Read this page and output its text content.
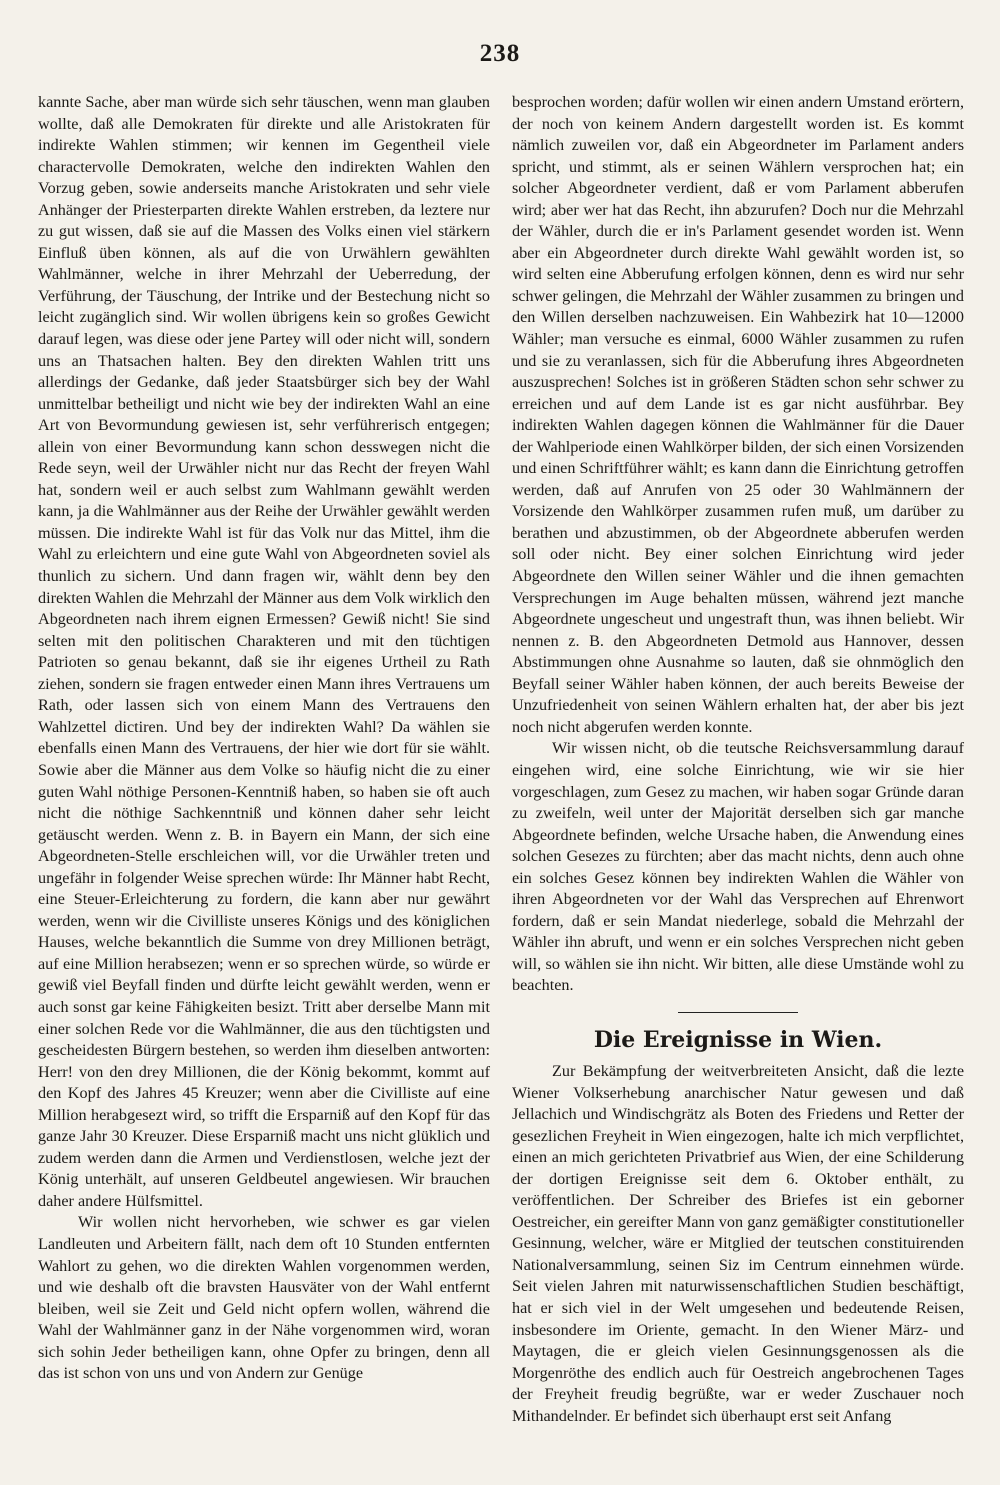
238

kannte Sache, aber man würde sich sehr täuschen, wenn man glauben wollte, daß alle Demokraten für direkte und alle Aristokraten für indirekte Wahlen stimmen; wir kennen im Gegentheil viele charactervolle Demokraten, welche den indirekten Wahlen den Vorzug geben, sowie anderseits manche Aristokraten und sehr viele Anhänger der Priesterparten direkte Wahlen erstreben, da leztere nur zu gut wissen, daß sie auf die Massen des Volks einen viel stärkern Einfluß üben können, als auf die von Urwählern gewählten Wahlmänner, welche in ihrer Mehrzahl der Ueberredung, der Verführung, der Täuschung, der Intrike und der Bestechung nicht so leicht zugänglich sind. Wir wollen übrigens kein so großes Gewicht darauf legen, was diese oder jene Partey will oder nicht will, sondern uns an Thatsachen halten. Bey den direkten Wahlen tritt uns allerdings der Gedanke, daß jeder Staatsbürger sich bey der Wahl unmittelbar betheiligt und nicht wie bey der indirekten Wahl an eine Art von Bevormundung gewiesen ist, sehr verführerisch entgegen; allein von einer Bevormundung kann schon desswegen nicht die Rede seyn, weil der Urwähler nicht nur das Recht der freyen Wahl hat, sondern weil er auch selbst zum Wahlmann gewählt werden kann, ja die Wahlmänner aus der Reihe der Urwähler gewählt werden müssen. Die indirekte Wahl ist für das Volk nur das Mittel, ihm die Wahl zu erleichtern und eine gute Wahl von Abgeordneten soviel als thunlich zu sichern. Und dann fragen wir, wählt denn bey den direkten Wahlen die Mehrzahl der Männer aus dem Volk wirklich den Abgeordneten nach ihrem eignen Ermessen? Gewiß nicht! Sie sind selten mit den politischen Charakteren und mit den tüchtigen Patrioten so genau bekannt, daß sie ihr eigenes Urtheil zu Rath ziehen, sondern sie fragen entweder einen Mann ihres Vertrauens um Rath, oder lassen sich von einem Mann des Vertrauens den Wahlzettel dictiren. Und bey der indirekten Wahl? Da wählen sie ebenfalls einen Mann des Vertrauens, der hier wie dort für sie wählt. Sowie aber die Männer aus dem Volke so häufig nicht die zu einer guten Wahl nöthige Personen-Kenntniß haben, so haben sie oft auch nicht die nöthige Sachkenntniß und können daher sehr leicht getäuscht werden. Wenn z. B. in Bayern ein Mann, der sich eine Abgeordneten-Stelle erschleichen will, vor die Urwähler treten und ungefähr in folgender Weise sprechen würde: Ihr Männer habt Recht, eine Steuer-Erleichterung zu fordern, die kann aber nur gewährt werden, wenn wir die Civilliste unseres Königs und des königlichen Hauses, welche bekanntlich die Summe von drey Millionen beträgt, auf eine Million herabsezen; wenn er so sprechen würde, so würde er gewiß viel Beyfall finden und dürfte leicht gewählt werden, wenn er auch sonst gar keine Fähigkeiten besizt. Tritt aber derselbe Mann mit einer solchen Rede vor die Wahlmänner, die aus den tüchtigsten und gescheidesten Bürgern bestehen, so werden ihm dieselben antworten: Herr! von den drey Millionen, die der König bekommt, kommt auf den Kopf des Jahres 45 Kreuzer; wenn aber die Civilliste auf eine Million herabgesezt wird, so trifft die Ersparniß auf den Kopf für das ganze Jahr 30 Kreuzer. Diese Ersparniß macht uns nicht glüklich und zudem werden dann die Armen und Verdienstlosen, welche jezt der König unterhält, auf unseren Geldbeutel angewiesen. Wir brauchen daher andere Hülfsmittel.

Wir wollen nicht hervorheben, wie schwer es gar vielen Landleuten und Arbeitern fällt, nach dem oft 10 Stunden entfernten Wahlort zu gehen, wo die direkten Wahlen vorgenommen werden, und wie deshalb oft die bravsten Hausväter von der Wahl entfernt bleiben, weil sie Zeit und Geld nicht opfern wollen, während die Wahl der Wahlmänner ganz in der Nähe vorgenommen wird, woran sich sohin Jeder betheiligen kann, ohne Opfer zu bringen, denn all das ist schon von uns und von Andern zur Genüge

besprochen worden; dafür wollen wir einen andern Umstand erörtern, der noch von keinem Andern dargestellt worden ist. Es kommt nämlich zuweilen vor, daß ein Abgeordneter im Parlament anders spricht, und stimmt, als er seinen Wählern versprochen hat; ein solcher Abgeordneter verdient, daß er vom Parlament abberufen wird; aber wer hat das Recht, ihn abzurufen? Doch nur die Mehrzahl der Wähler, durch die er in's Parlament gesendet worden ist. Wenn aber ein Abgeordneter durch direkte Wahl gewählt worden ist, so wird selten eine Abberufung erfolgen können, denn es wird nur sehr schwer gelingen, die Mehrzahl der Wähler zusammen zu bringen und den Willen derselben nachzuweisen. Ein Wahbezirk hat 10—12000 Wähler; man versuche es einmal, 6000 Wähler zusammen zu rufen und sie zu veranlassen, sich für die Abberufung ihres Abgeordneten auszusprechen! Solches ist in größeren Städten schon sehr schwer zu erreichen und auf dem Lande ist es gar nicht ausführbar. Bey indirekten Wahlen dagegen können die Wahlmänner für die Dauer der Wahlperiode einen Wahlkörper bilden, der sich einen Vorsizenden und einen Schriftführer wählt; es kann dann die Einrichtung getroffen werden, daß auf Anrufen von 25 oder 30 Wahlmännern der Vorsizende den Wahlkörper zusammen rufen muß, um darüber zu berathen und abzustimmen, ob der Abgeordnete abberufen werden soll oder nicht. Bey einer solchen Einrichtung wird jeder Abgeordnete den Willen seiner Wähler und die ihnen gemachten Versprechungen im Auge behalten müssen, während jezt manche Abgeordnete ungescheut und ungestraft thun, was ihnen beliebt. Wir nennen z. B. den Abgeordneten Detmold aus Hannover, dessen Abstimmungen ohne Ausnahme so lauten, daß sie ohnmöglich den Beyfall seiner Wähler haben können, der auch bereits Beweise der Unzufriedenheit von seinen Wählern erhalten hat, der aber bis jezt noch nicht abgerufen werden konnte.

Wir wissen nicht, ob die teutsche Reichsversammlung darauf eingehen wird, eine solche Einrichtung, wie wir sie hier vorgeschlagen, zum Gesez zu machen, wir haben sogar Gründe daran zu zweifeln, weil unter der Majorität derselben sich gar manche Abgeordnete befinden, welche Ursache haben, die Anwendung eines solchen Gesezes zu fürchten; aber das macht nichts, denn auch ohne ein solches Gesez können bey indirekten Wahlen die Wähler von ihren Abgeordneten vor der Wahl das Versprechen auf Ehrenwort fordern, daß er sein Mandat niederlege, sobald die Mehrzahl der Wähler ihn abruft, und wenn er ein solches Versprechen nicht geben will, so wählen sie ihn nicht. Wir bitten, alle diese Umstände wohl zu beachten.

Die Ereignisse in Wien.

Zur Bekämpfung der weitverbreiteten Ansicht, daß die lezte Wiener Volkserhebung anarchischer Natur gewesen und daß Jellachich und Windischgrätz als Boten des Friedens und Retter der gesezlichen Freyheit in Wien eingezogen, halte ich mich verpflichtet, einen an mich gerichteten Privatbrief aus Wien, der eine Schilderung der dortigen Ereignisse seit dem 6. Oktober enthält, zu veröffentlichen. Der Schreiber des Briefes ist ein geborner Oestreicher, ein gereifter Mann von ganz gemäßigter constitutioneller Gesinnung, welcher, wäre er Mitglied der teutschen constituirenden Nationalversammlung, seinen Siz im Centrum einnehmen würde. Seit vielen Jahren mit naturwissenschaftlichen Studien beschäftigt, hat er sich viel in der Welt umgesehen und bedeutende Reisen, insbesondere im Oriente, gemacht. In den Wiener März- und Maytagen, die er gleich vielen Gesinnungsgenossen als die Morgenröthe des endlich auch für Oestreich angebrochenen Tages der Freyheit freudig begrüßte, war er weder Zuschauer noch Mithandelnder. Er befindet sich überhaupt erst seit Anfang
